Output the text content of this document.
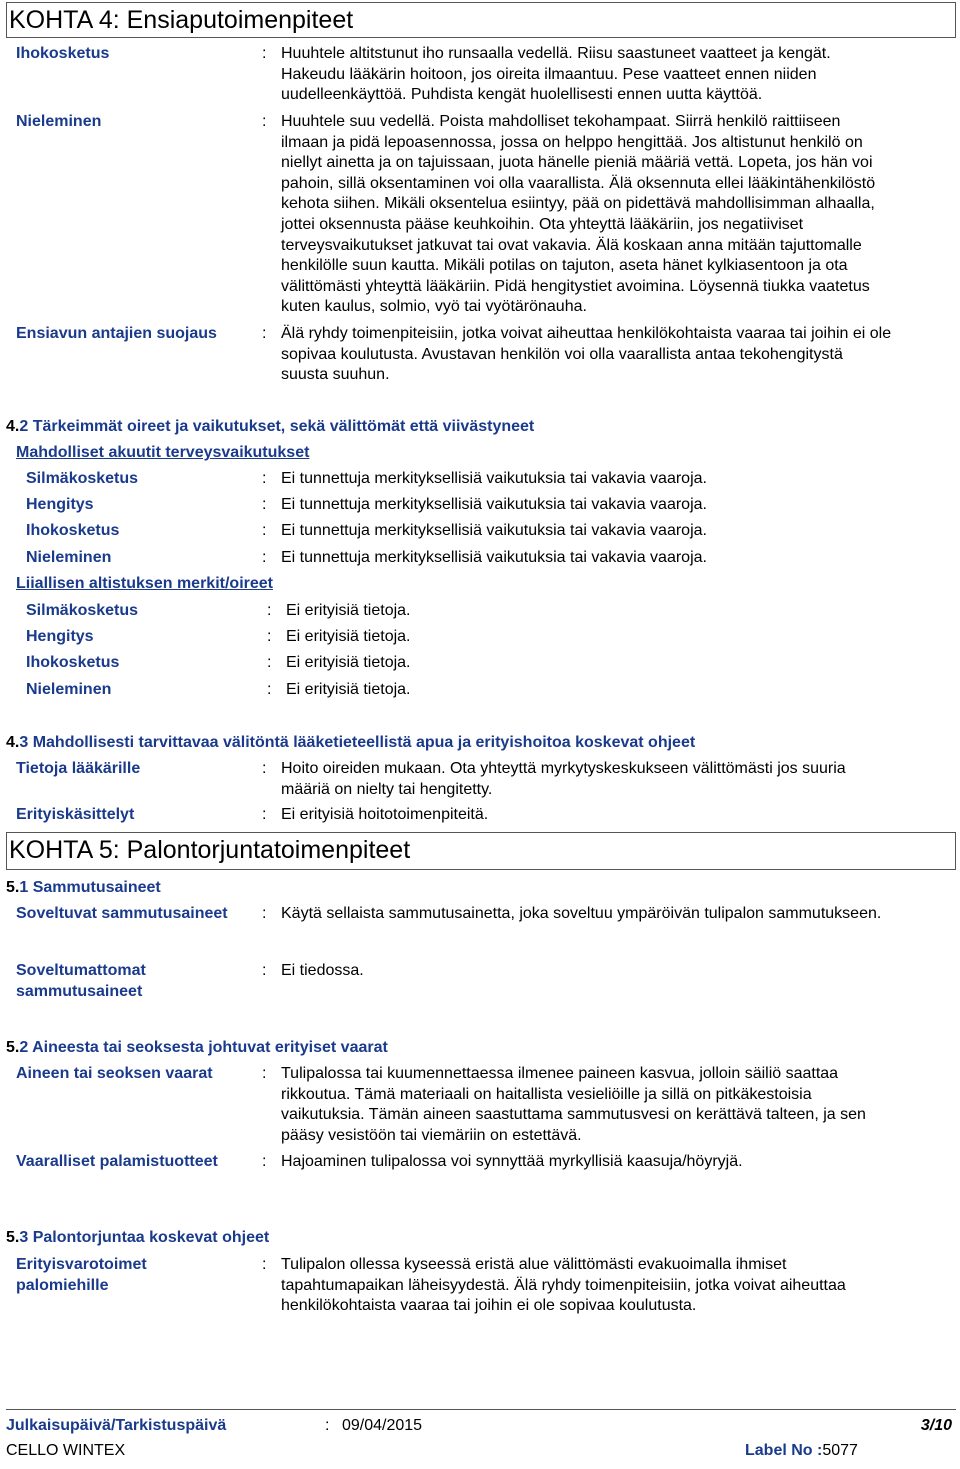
KOHTA 4: Ensiaputoimenpiteet
Ihokosketus	: Huuhtele altitstunut iho runsaalla vedellä. Riisu saastuneet vaatteet ja kengät.
Hakeudu lääkärin hoitoon, jos oireita ilmaantuu. Pese vaatteet ennen niiden
uudelleenkäyttöä. Puhdista kengät huolellisesti ennen uutta käyttöä.
Nieleminen	: Huuhtele suu vedellä. Poista mahdolliset tekohampaat. Siirrä henkilö raittiiseen
ilmaan ja pidä lepoasennossa, jossa on helppo hengittää. Jos altistunut henkilö on
niellyt ainetta ja on tajuissaan, juota hänelle pieniä määriä vettä. Lopeta, jos hän voi
pahoin, sillä oksentaminen voi olla vaarallista. Älä oksennuta ellei lääkintähenkilöstö
kehota siihen. Mikäli oksentelua esiintyy, pää on pidettävä mahdollisimman alhaalla,
jottei oksennusta pääse keuhkoihin. Ota yhteyttä lääkäriin, jos negatiiviset
terveysvaikutukset jatkuvat tai ovat vakavia. Älä koskaan anna mitään tajuttomalle
henkilölle suun kautta. Mikäli potilas on tajuton, aseta hänet kylkiasentoon ja ota
välittömästi yhteyttä lääkäriin. Pidä hengitystiet avoimina. Löysennä tiukka vaatetus
kuten kaulus, solmio, vyö tai vyötärönauha.
Ensiavun antajien suojaus	: Älä ryhdy toimenpiteisiin, jotka voivat aiheuttaa henkilökohtaista vaaraa tai joihin ei ole
sopivaa koulutusta. Avustavan henkilön voi olla vaarallista antaa tekohengitystä
suusta suuhun.
4.2 Tärkeimmät oireet ja vaikutukset, sekä välittömät että viivästyneet
Mahdolliset akuutit terveysvaikutukset
Silmäkosketus	: Ei tunnettuja merkityksellisiä vaikutuksia tai vakavia vaaroja.
Hengitys	: Ei tunnettuja merkityksellisiä vaikutuksia tai vakavia vaaroja.
Ihokosketus	: Ei tunnettuja merkityksellisiä vaikutuksia tai vakavia vaaroja.
Nieleminen	: Ei tunnettuja merkityksellisiä vaikutuksia tai vakavia vaaroja.
Liiallisen altistuksen merkit/oireet
Silmäkosketus	: Ei erityisiä tietoja.
Hengitys	: Ei erityisiä tietoja.
Ihokosketus	: Ei erityisiä tietoja.
Nieleminen	: Ei erityisiä tietoja.
4.3 Mahdollisesti tarvittavaa välitöntä lääketieteellistä apua ja erityishoitoa koskevat ohjeet
Tietoja lääkärille	: Hoito oireiden mukaan. Ota yhteyttä myrkytyskeskukseen välittömästi jos suuria
määriä on nielty tai hengitetty.
Erityiskäsittelyt	: Ei erityisiä hoitotoimenpiteitä.
KOHTA 5: Palontorjuntatoimenpiteet
5.1 Sammutusaineet
Soveltuvat sammutusaineet : Käytä sellaista sammutusainetta, joka soveltuu ympäröivän tulipalon sammutukseen.
Soveltumattomat
sammutusaineet
: Ei tiedossa.
5.2 Aineesta tai seoksesta johtuvat erityiset vaarat
Aineen tai seoksen vaarat	: Tulipalossa tai kuumennettaessa ilmenee paineen kasvua, jolloin säiliö saattaa
rikkoutua. Tämä materiaali on haitallista vesieliöille ja sillä on pitkäkestoisia
vaikutuksia. Tämän aineen saastuttama sammutusvesi on kerättävä talteen, ja sen
pääsy vesistöön tai viemäriin on estettävä.
Vaaralliset palamistuotteet	: Hajoaminen tulipalossa voi synnyttää myrkyllisiä kaasuja/höyryjä.
5.3 Palontorjuntaa koskevat ohjeet
Erityisvarotoimet
palomiehille
: Tulipalon ollessa kyseessä eristä alue välittömästi evakuoimalla ihmiset
tapahtumapaikan läheisyydestä. Älä ryhdy toimenpiteisiin, jotka voivat aiheuttaa
henkilökohtaista vaaraa tai joihin ei ole sopivaa koulutusta.
Julkaisupäivä/Tarkistuspäivä	: 09/04/2015	3/10
CELLO WINTEX	Label No :5077
